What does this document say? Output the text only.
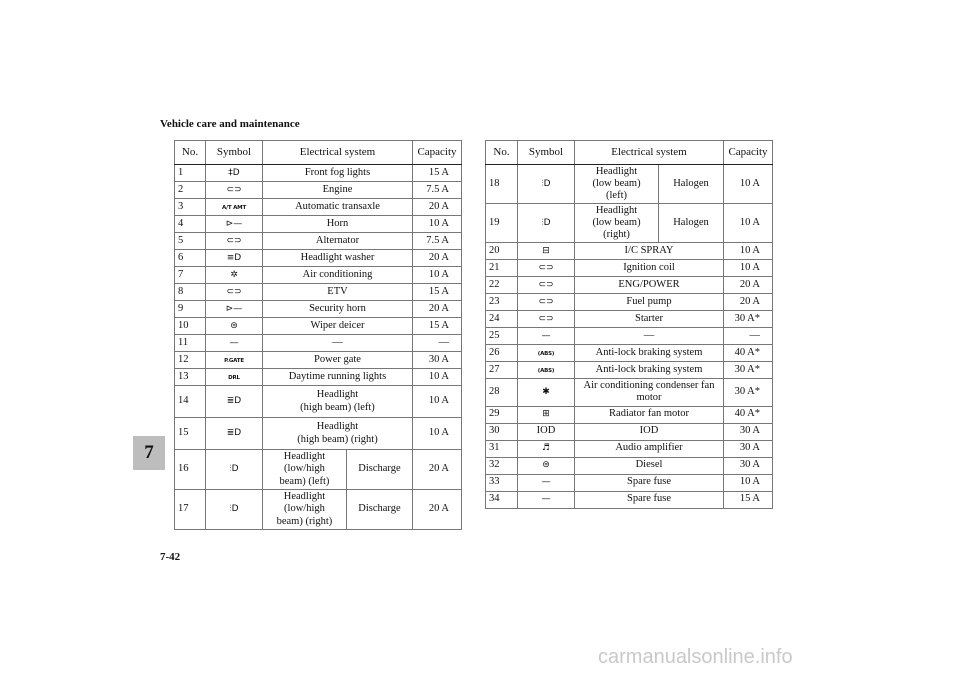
Vehicle care and maintenance
7
7-42
carmanualsonline.info
No.	Symbol	Electrical system		Capacity
1	‡D	Front fog lights		15 A
2	⊂⊃	Engine		7.5 A
3	A/T AMT	Automatic transaxle		20 A
4	⊳—	Horn		10 A
5	⊂⊃	Alternator		7.5 A
6	≡D	Headlight washer		20 A
7	✲	Air conditioning		10 A
8	⊂⊃	ETV		15 A
9	⊳—	Security horn		20 A
10	⊜	Wiper deicer		15 A
11	—	—		—
12	P.GATE	Power gate		30 A
13	DRL	Daytime running lights		10 A
14	≣D	Headlight
(high beam) (left)		10 A
15	≣D	Headlight
(high beam) (right)		10 A
16	⫶D	Headlight
(low/high
beam) (left)	Discharge	20 A
17	⫶D	Headlight
(low/high
beam) (right)	Discharge	20 A
No.	Symbol	Electrical system		Capacity
18	⫶D	Headlight
(low beam)
(left)	Halogen	10 A
19	⫶D	Headlight
(low beam)
(right)	Halogen	10 A
20	⊟	I/C SPRAY		10 A
21	⊂⊃	Ignition coil		10 A
22	⊂⊃	ENG/POWER		20 A
23	⊂⊃	Fuel pump		20 A
24	⊂⊃	Starter		30 A*
25	—	—		—
26	(ABS)	Anti-lock braking system		40 A*
27	(ABS)	Anti-lock braking system		30 A*
28	✱	Air conditioning condenser fan
motor		30 A*
29	⊞	Radiator fan motor		40 A*
30	IOD	IOD		30 A
31	♬	Audio amplifier		30 A
32	⊜	Diesel		30 A
33	—	Spare fuse		10 A
34	—	Spare fuse		15 A
